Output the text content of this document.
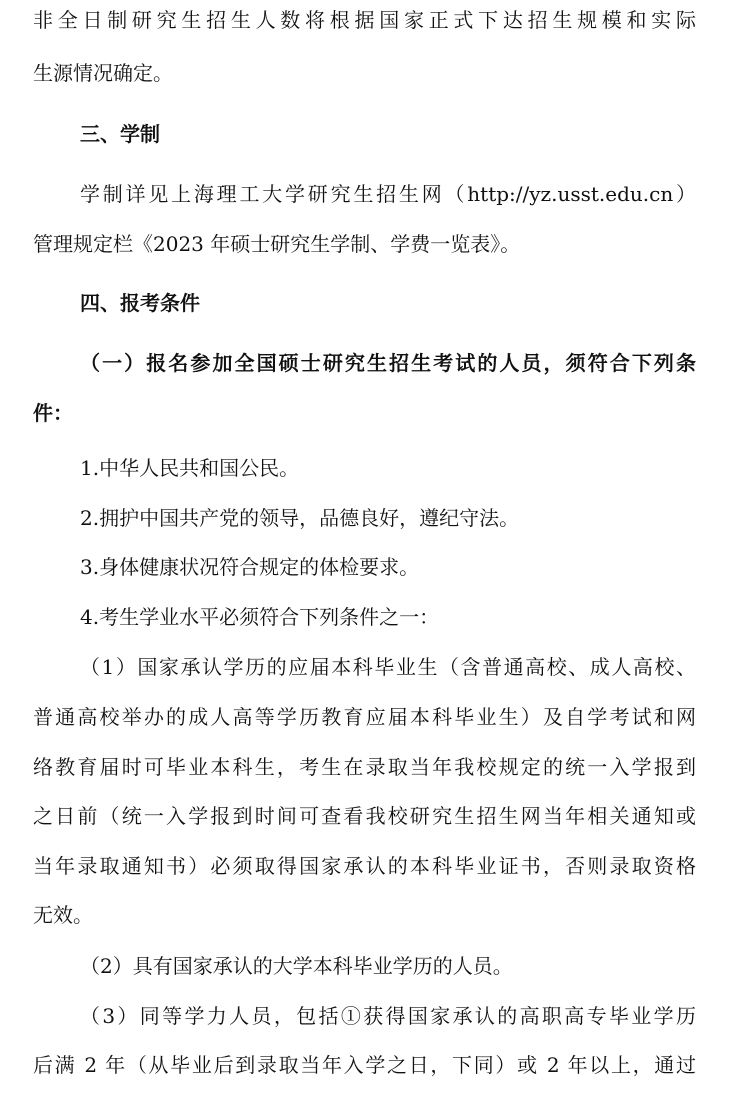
非全日制研究生招生人数将根据国家正式下达招生规模和实际

生源情况确定。

三、学制

学制详见上海理工大学研究生招生网（http://yz.usst.edu.cn）

管理规定栏《2023 年硕士研究生学制、学费一览表》。

四、报考条件

（一）报名参加全国硕士研究生招生考试的人员，须符合下列条

件：

1.中华人民共和国公民。

2.拥护中国共产党的领导，品德良好，遵纪守法。

3.身体健康状况符合规定的体检要求。

4.考生学业水平必须符合下列条件之一：

（1）国家承认学历的应届本科毕业生（含普通高校、成人高校、

普通高校举办的成人高等学历教育应届本科毕业生）及自学考试和网

络教育届时可毕业本科生，考生在录取当年我校规定的统一入学报到

之日前（统一入学报到时间可查看我校研究生招生网当年相关通知或

当年录取通知书）必须取得国家承认的本科毕业证书，否则录取资格

无效。

（2）具有国家承认的大学本科毕业学历的人员。

（3）同等学力人员，包括①获得国家承认的高职高专毕业学历

后满 2 年（从毕业后到录取当年入学之日，下同）或 2 年以上，通过
